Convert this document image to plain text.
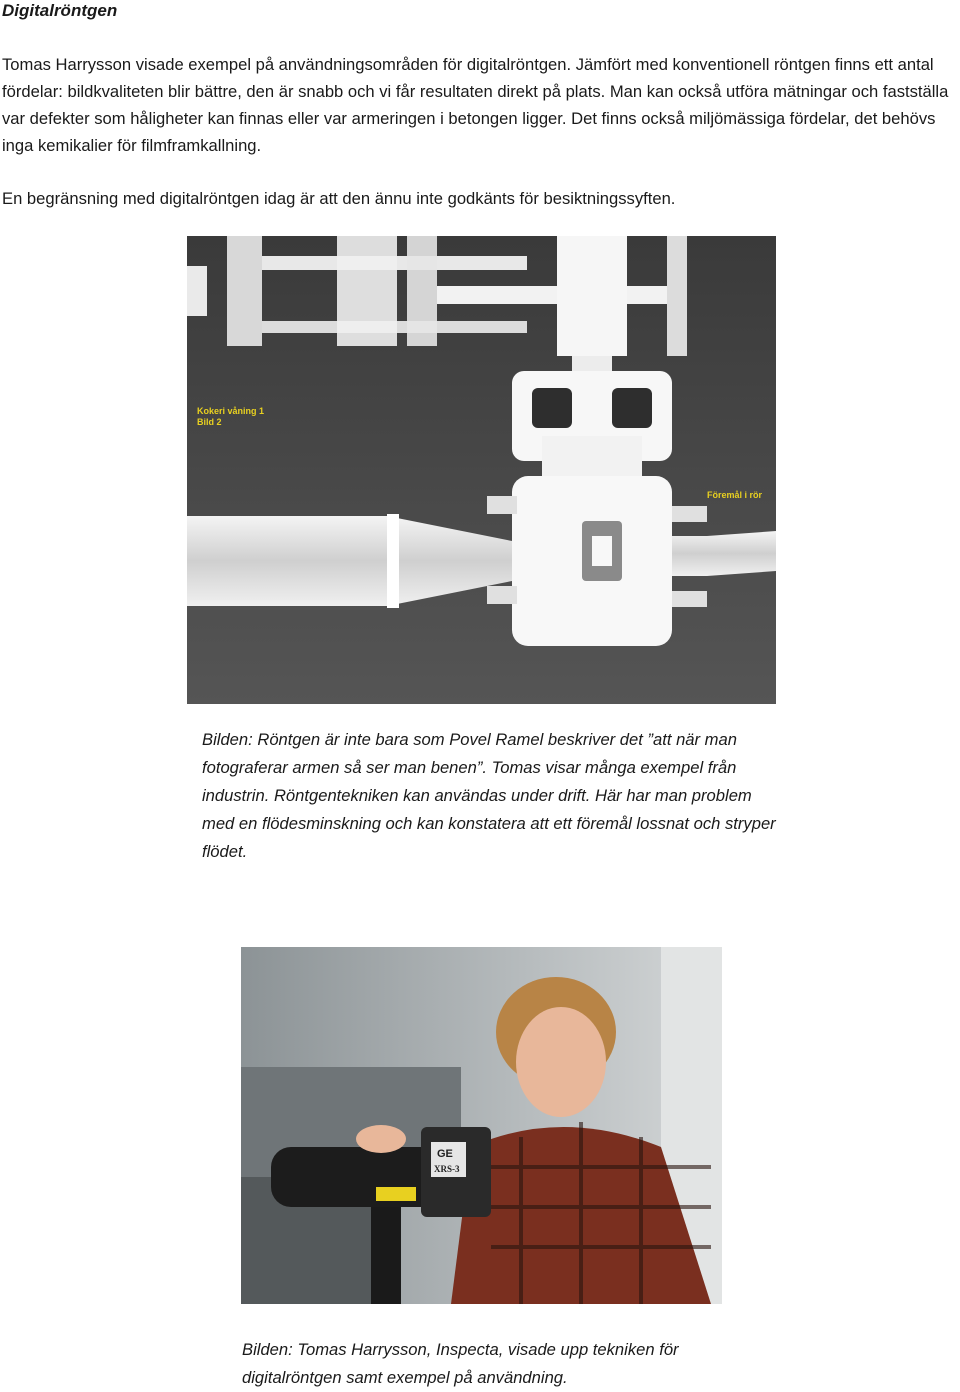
Digitalröntgen
Tomas Harrysson visade exempel på användningsområden för digitalröntgen. Jämfört med konventionell röntgen finns ett antal fördelar: bildkvaliteten blir bättre, den är snabb och vi får resultaten direkt på plats. Man kan också utföra mätningar och fastställa var defekter som håligheter kan finnas eller var armeringen i betongen ligger. Det finns också miljömässiga fördelar, det behövs inga kemikalier för filmframkallning.
En begränsning med digitalröntgen idag är att den ännu inte godkänts för besiktningssyften.
Kokeri våning 1
Bild 2
Föremål i rör
Bilden: Röntgen är inte bara som Povel Ramel beskriver det ”att när man fotograferar armen så ser man benen”. Tomas visar många exempel från industrin. Röntgentekniken kan användas under drift. Här har man problem med en flödesminskning och kan konstatera att ett föremål lossnat och stryper flödet.
GE
XRS-3
Bilden: Tomas Harrysson, Inspecta, visade upp tekniken för digitalröntgen samt exempel på användning.
